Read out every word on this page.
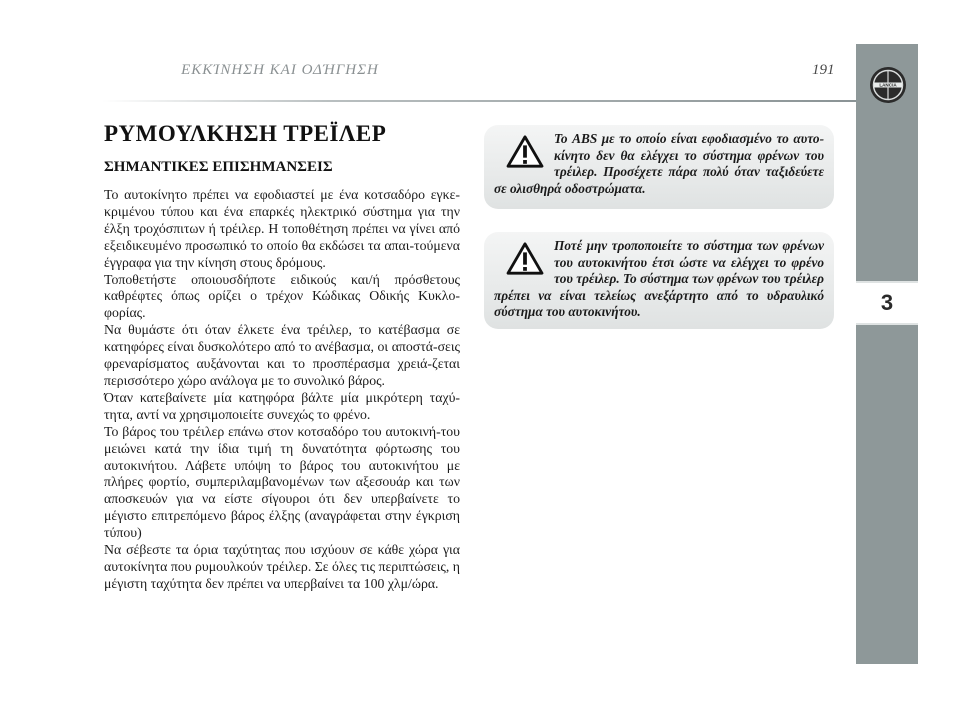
ΕΚΚΊΝΗΣΗ ΚΑΙ ΟΔΉΓΗΣΗ	191
LANCIA
3
ΡΥΜΟΥΛΚΗΣΗ ΤΡΕΪΛΕΡ
ΣΗΜΑΝΤΙΚΕΣ ΕΠΙΣΗΜΑΝΣΕΙΣ

Το αυτοκίνητο πρέπει να εφοδιαστεί με ένα κοτσαδόρο εγκε-κριμένου τύπου και ένα επαρκές ηλεκτρικό σύστημα για την έλξη τροχόσπιτων ή τρέιλερ. Η τοποθέτηση πρέπει να γίνει από εξειδικευμένο προσωπικό το οποίο θα εκδώσει τα απαι-τούμενα έγγραφα για την κίνηση στους δρόμους.

Τοποθετήστε οποιουσδήποτε ειδικούς και/ή πρόσθετους καθρέφτες όπως ορίζει ο τρέχον Κώδικας Οδικής Κυκλο-φορίας.

Να θυμάστε ότι όταν έλκετε ένα τρέιλερ, το κατέβασμα σε κατηφόρες είναι δυσκολότερο από το ανέβασμα, οι αποστά-σεις φρεναρίσματος αυξάνονται και το προσπέρασμα χρειά-ζεται περισσότερο χώρο ανάλογα με το συνολικό βάρος.

Όταν κατεβαίνετε μία κατηφόρα βάλτε μία μικρότερη ταχύ-τητα, αντί να χρησιμοποιείτε συνεχώς το φρένο.

Το βάρος του τρέιλερ επάνω στον κοτσαδόρο του αυτοκινή-του μειώνει κατά την ίδια τιμή τη δυνατότητα φόρτωσης του αυτοκινήτου. Λάβετε υπόψη το βάρος του αυτοκινήτου με πλήρες φορτίο, συμπεριλαμβανομένων των αξεσουάρ και των αποσκευών για να είστε σίγουροι ότι δεν υπερβαίνετε το μέγιστο επιτρεπόμενο βάρος έλξης (αναγράφεται στην έγκριση τύπου)

Να σέβεστε τα όρια ταχύτητας που ισχύουν σε κάθε χώρα για αυτοκίνητα που ρυμουλκούν τρέιλερ. Σε όλες τις περιπτώσεις, η μέγιστη ταχύτητα δεν πρέπει να υπερβαίνει τα 100 χλμ/ώρα.

Το ABS με το οποίο είναι εφοδιασμένο το αυτο-κίνητο δεν θα ελέγχει το σύστημα φρένων του τρέιλερ. Προσέχετε πάρα πολύ όταν ταξιδεύετε σε ολισθηρά οδοστρώματα.

Ποτέ μην τροποποιείτε το σύστημα των φρένων του αυτοκινήτου έτσι ώστε να ελέγχει το φρένο του τρέιλερ. Το σύστημα των φρένων του τρέιλερ πρέπει να είναι τελείως ανεξάρτητο από το υδραυλικό σύστημα του αυτοκινήτου.
